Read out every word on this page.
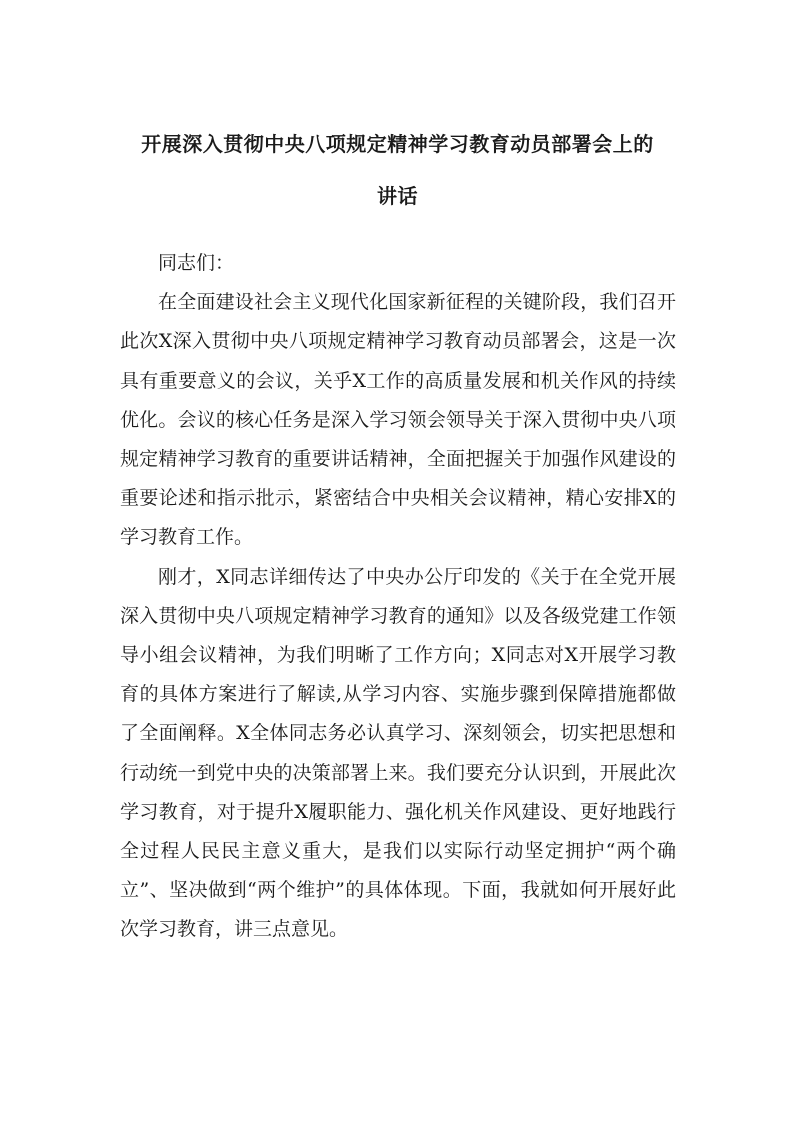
开展深入贯彻中央八项规定精神学习教育动员部署会上的
讲话

同志们：

在全面建设社会主义现代化国家新征程的关键阶段，我们召开此次X深入贯彻中央八项规定精神学习教育动员部署会，这是一次具有重要意义的会议，关乎X工作的高质量发展和机关作风的持续优化。会议的核心任务是深入学习领会领导关于深入贯彻中央八项规定精神学习教育的重要讲话精神，全面把握关于加强作风建设的重要论述和指示批示，紧密结合中央相关会议精神，精心安排X的学习教育工作。

刚才，X同志详细传达了中央办公厅印发的《关于在全党开展深入贯彻中央八项规定精神学习教育的通知》以及各级党建工作领导小组会议精神，为我们明晰了工作方向；X同志对X开展学习教育的具体方案进行了解读,从学习内容、实施步骤到保障措施都做了全面阐释。X全体同志务必认真学习、深刻领会，切实把思想和行动统一到党中央的决策部署上来。我们要充分认识到，开展此次学习教育，对于提升X履职能力、强化机关作风建设、更好地践行全过程人民民主意义重大，是我们以实际行动坚定拥护“两个确立”、坚决做到“两个维护”的具体体现。下面，我就如何开展好此次学习教育，讲三点意见。
